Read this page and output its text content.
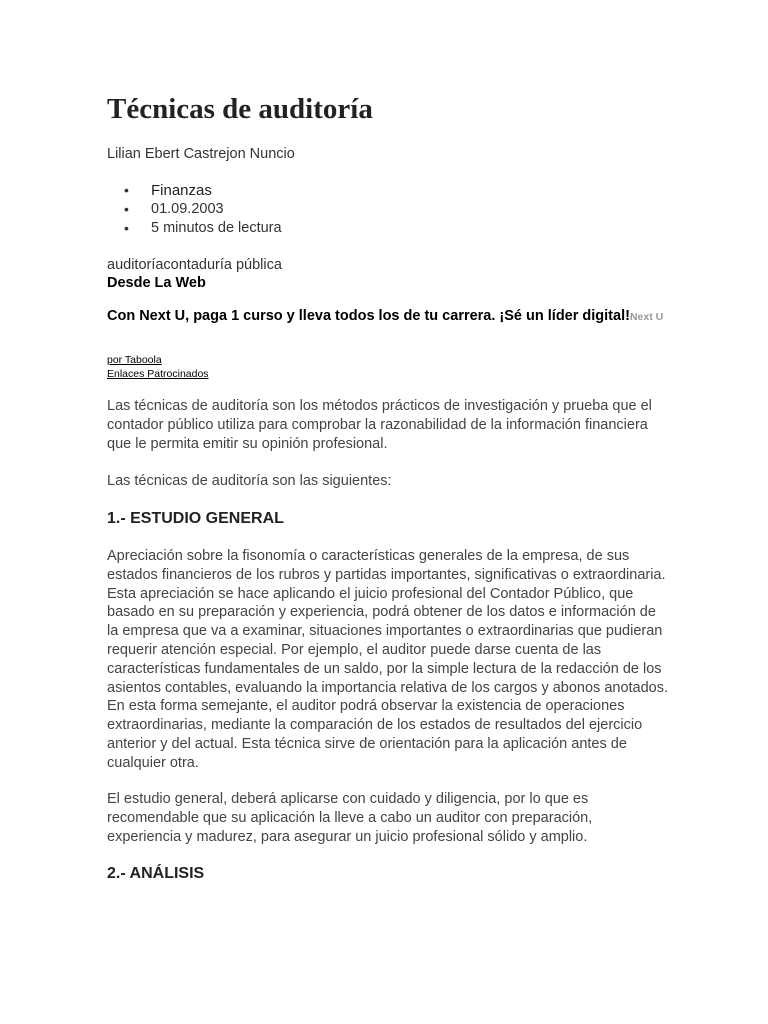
Técnicas de auditoría
Lilian Ebert Castrejon Nuncio
• Finanzas
• 01.09.2003
• 5 minutos de lectura
auditoríacontaduría pública
Desde La Web
Con Next U, paga 1 curso y lleva todos los de tu carrera. ¡Sé un líder digital!Next U
por Taboola
Enlaces Patrocinados

Las técnicas de auditoría son los métodos prácticos de investigación y prueba que el contador público utiliza para comprobar la razonabilidad de la información financiera que le permita emitir su opinión profesional.

Las técnicas de auditoría son las siguientes:

1.- ESTUDIO GENERAL

Apreciación sobre la fisonomía o características generales de la empresa, de sus estados financieros de los rubros y partidas importantes, significativas o extraordinaria. Esta apreciación se hace aplicando el juicio profesional del Contador Público, que basado en su preparación y experiencia, podrá obtener de los datos e información de la empresa que va a examinar, situaciones importantes o extraordinarias que pudieran requerir atención especial. Por ejemplo, el auditor puede darse cuenta de las características fundamentales de un saldo, por la simple lectura de la redacción de los asientos contables, evaluando la importancia relativa de los cargos y abonos anotados. En esta forma semejante, el auditor podrá observar la existencia de operaciones extraordinarias, mediante la comparación de los estados de resultados del ejercicio anterior y del actual. Esta técnica sirve de orientación para la aplicación antes de cualquier otra.

El estudio general, deberá aplicarse con cuidado y diligencia, por lo que es recomendable que su aplicación la lleve a cabo un auditor con preparación, experiencia y madurez, para asegurar un juicio profesional sólido y amplio.

2.- ANÁLISIS
